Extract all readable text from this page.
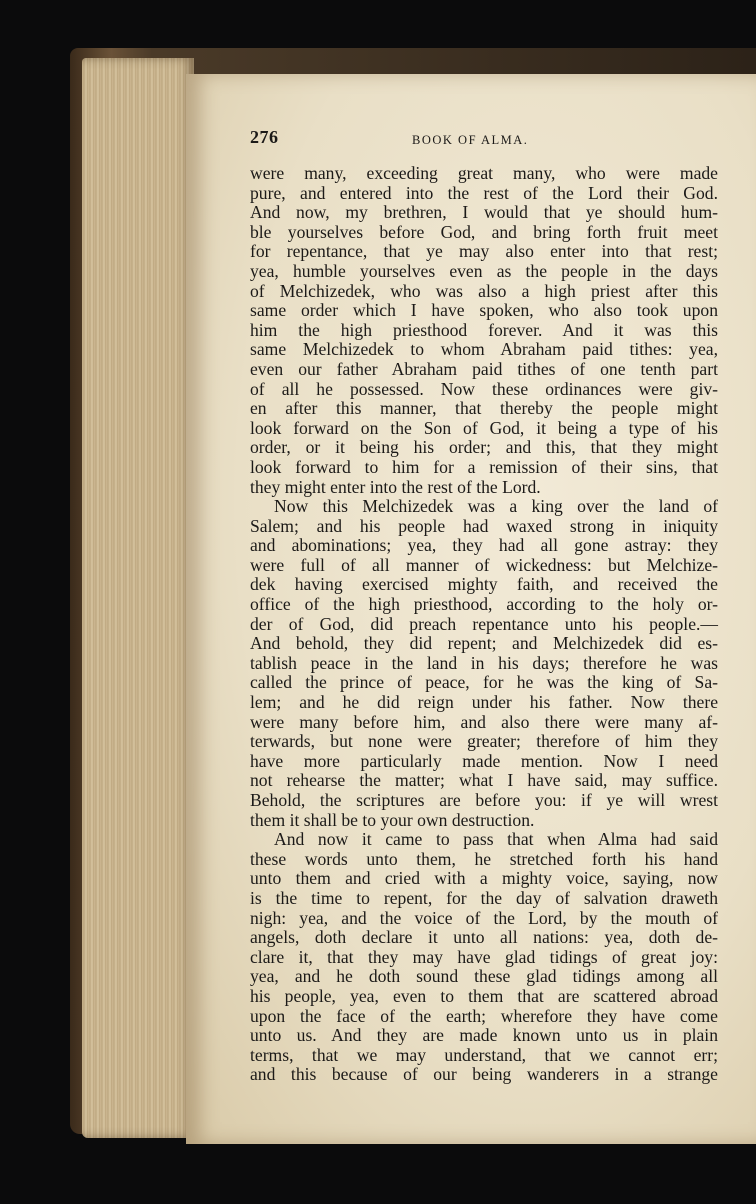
276	BOOK OF ALMA.
were many, exceeding great many, who were made
pure, and entered into the rest of the Lord their God.
And now, my brethren, I would that ye should hum-
ble yourselves before God, and bring forth fruit meet
for repentance, that ye may also enter into that rest;
yea, humble yourselves even as the people in the days
of Melchizedek, who was also a high priest after this
same order which I have spoken, who also took upon
him the high priesthood forever. And it was this
same Melchizedek to whom Abraham paid tithes: yea,
even our father Abraham paid tithes of one tenth part
of all he possessed. Now these ordinances were giv-
en after this manner, that thereby the people might
look forward on the Son of God, it being a type of his
order, or it being his order; and this, that they might
look forward to him for a remission of their sins, that
they might enter into the rest of the Lord.
Now this Melchizedek was a king over the land of
Salem; and his people had waxed strong in iniquity
and abominations; yea, they had all gone astray: they
were full of all manner of wickedness: but Melchize-
dek having exercised mighty faith, and received the
office of the high priesthood, according to the holy or-
der of God, did preach repentance unto his people.—
And behold, they did repent; and Melchizedek did es-
tablish peace in the land in his days; therefore he was
called the prince of peace, for he was the king of Sa-
lem; and he did reign under his father. Now there
were many before him, and also there were many af-
terwards, but none were greater; therefore of him they
have more particularly made mention. Now I need
not rehearse the matter; what I have said, may suffice.
Behold, the scriptures are before you: if ye will wrest
them it shall be to your own destruction.
And now it came to pass that when Alma had said
these words unto them, he stretched forth his hand
unto them and cried with a mighty voice, saying, now
is the time to repent, for the day of salvation draweth
nigh: yea, and the voice of the Lord, by the mouth of
angels, doth declare it unto all nations: yea, doth de-
clare it, that they may have glad tidings of great joy:
yea, and he doth sound these glad tidings among all
his people, yea, even to them that are scattered abroad
upon the face of the earth; wherefore they have come
unto us. And they are made known unto us in plain
terms, that we may understand, that we cannot err;
and this because of our being wanderers in a strange
